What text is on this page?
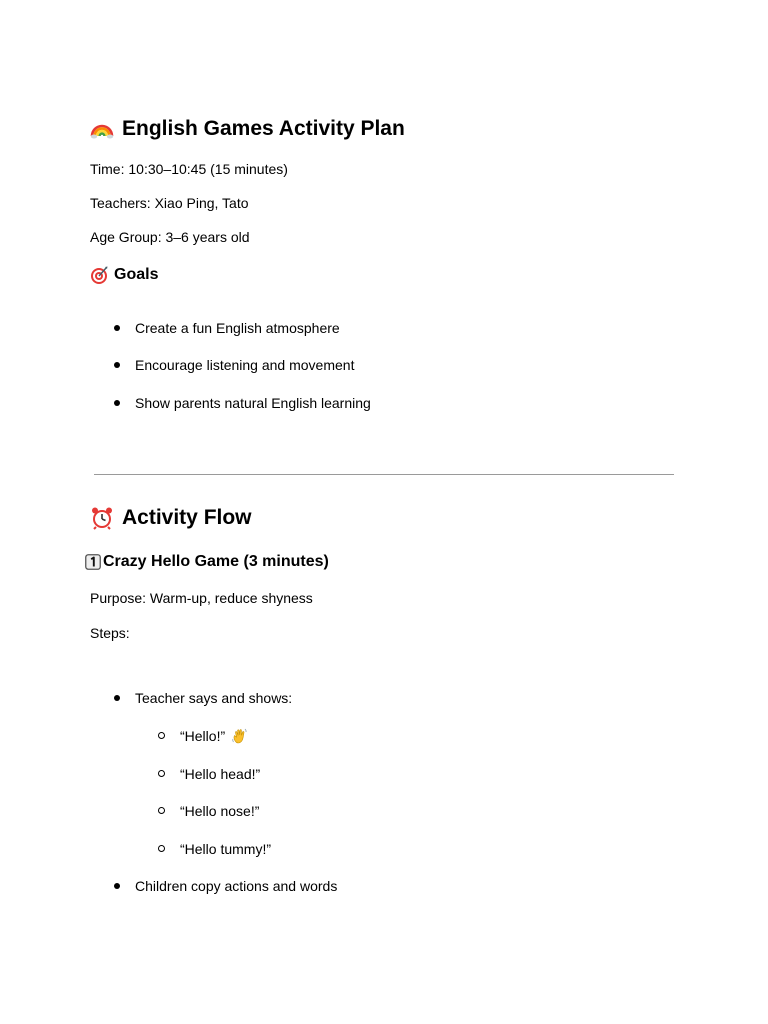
English Games Activity Plan
Time: 10:30–10:45 (15 minutes)
Teachers: Xiao Ping, Tato
Age Group: 3–6 years old
Goals
Create a fun English atmosphere
Encourage listening and movement
Show parents natural English learning
Activity Flow
Crazy Hello Game (3 minutes)
Purpose: Warm-up, reduce shyness
Steps:
Teacher says and shows:
“Hello!”
“Hello head!”
“Hello nose!”
“Hello tummy!”
Children copy actions and words
